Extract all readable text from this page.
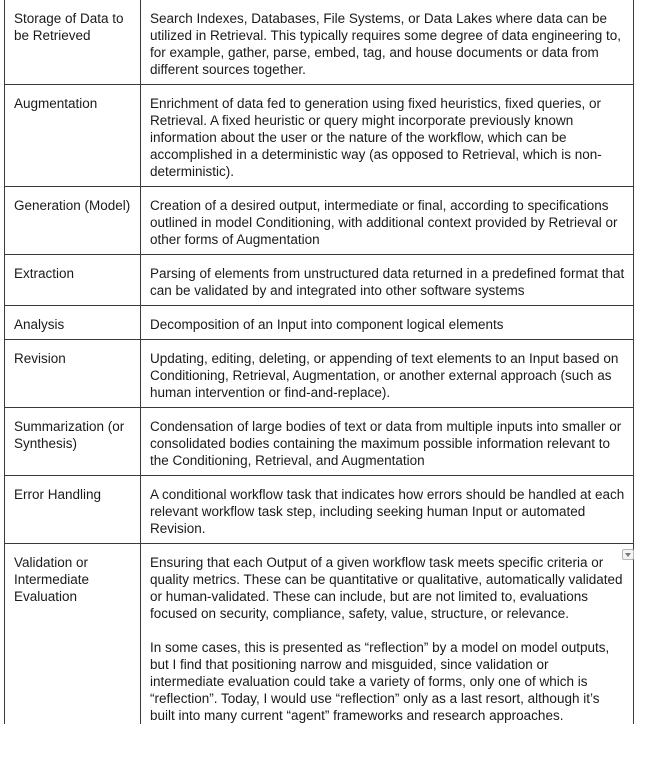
Storage of Data to be Retrieved	Search Indexes, Databases, File Systems, or Data Lakes where data can be utilized in Retrieval. This typically requires some degree of data engineering to, for example, gather, parse, embed, tag, and house documents or data from different sources together.

Augmentation	Enrichment of data fed to generation using fixed heuristics, fixed queries, or Retrieval. A fixed heuristic or query might incorporate previously known information about the user or the nature of the workflow, which can be accomplished in a deterministic way (as opposed to Retrieval, which is non-deterministic).

Generation (Model)	Creation of a desired output, intermediate or final, according to specifications outlined in model Conditioning, with additional context provided by Retrieval or other forms of Augmentation

Extraction	Parsing of elements from unstructured data returned in a predefined format that can be validated by and integrated into other software systems

Analysis	Decomposition of an Input into component logical elements

Revision	Updating, editing, deleting, or appending of text elements to an Input based on Conditioning, Retrieval, Augmentation, or another external approach (such as human intervention or find-and-replace).

Summarization (or Synthesis)	Condensation of large bodies of text or data from multiple inputs into smaller or consolidated bodies containing the maximum possible information relevant to the Conditioning, Retrieval, and Augmentation

Error Handling	A conditional workflow task that indicates how errors should be handled at each relevant workflow task step, including seeking human Input or automated Revision.

Validation or Intermediate Evaluation	Ensuring that each Output of a given workflow task meets specific criteria or quality metrics. These can be quantitative or qualitative, automatically validated or human-validated. These can include, but are not limited to, evaluations focused on security, compliance, safety, value, structure, or relevance.
In some cases, this is presented as “reflection” by a model on model outputs, but I find that positioning narrow and misguided, since validation or intermediate evaluation could take a variety of forms, only one of which is “reflection”. Today, I would use “reflection” only as a last resort, although it’s built into many current “agent” frameworks and research approaches.
